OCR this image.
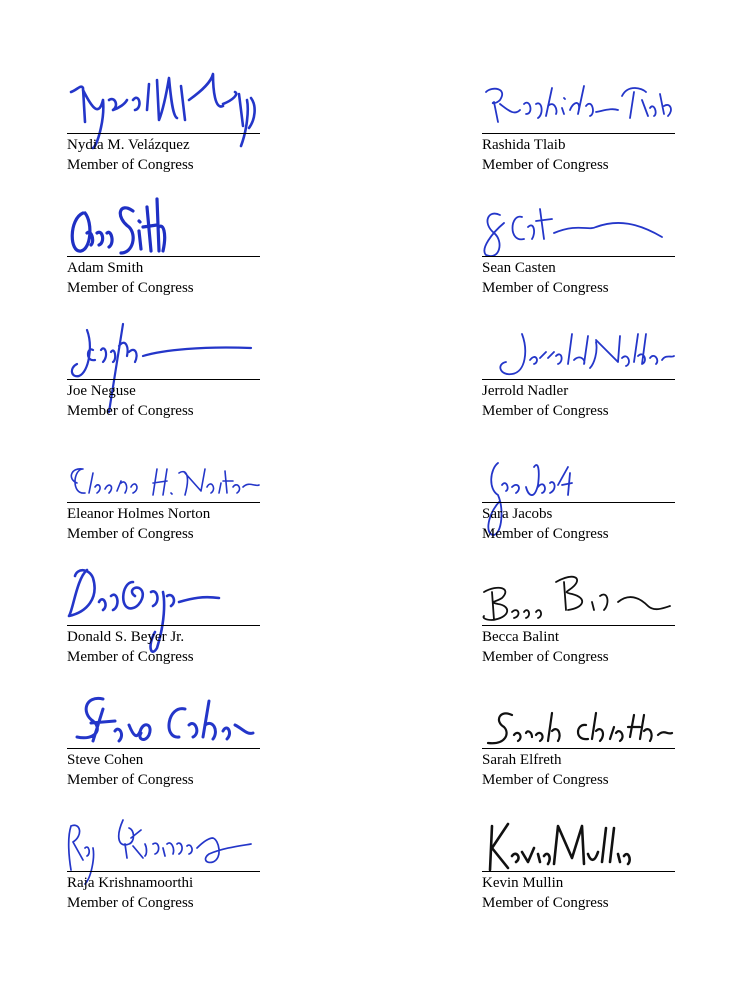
Nydia M. Velázquez
Member of Congress
Rashida Tlaib
Member of Congress
Adam Smith
Member of Congress
Sean Casten
Member of Congress
Joe Neguse
Member of Congress
Jerrold Nadler
Member of Congress
Eleanor Holmes Norton
Member of Congress
Sara Jacobs
Member of Congress
Donald S. Beyer Jr.
Member of Congress
Becca Balint
Member of Congress
Steve Cohen
Member of Congress
Sarah Elfreth
Member of Congress
Raja Krishnamoorthi
Member of Congress
Kevin Mullin
Member of Congress
